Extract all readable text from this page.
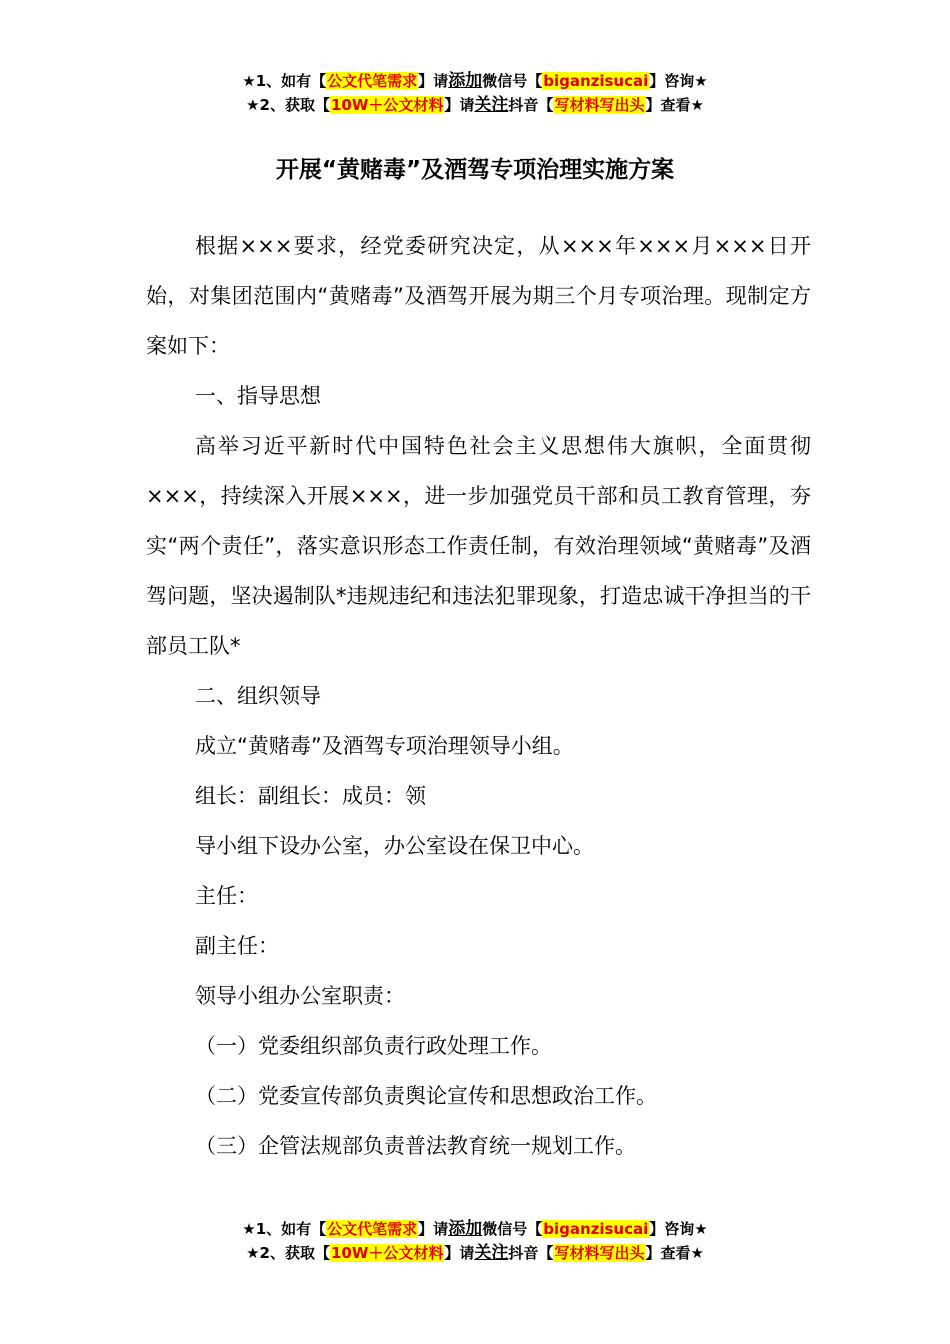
★1、如有【公文代笔需求】请添加微信号【biganzisucai】咨询★
★2、获取【10W＋公文材料】请关注抖音【写材料写出头】查看★
开展“黄赌毒”及酒驾专项治理实施方案

根据×××要求，经党委研究决定，从×××年×××月×××日开始，对集团范围内“黄赌毒”及酒驾开展为期三个月专项治理。现制定方案如下：

一、指导思想

高举习近平新时代中国特色社会主义思想伟大旗帜，全面贯彻×××，持续深入开展×××，进一步加强党员干部和员工教育管理，夯实“两个责任”，落实意识形态工作责任制，有效治理领域“黄赌毒”及酒驾问题，坚决遏制队*违规违纪和违法犯罪现象，打造忠诚干净担当的干部员工队*

二、组织领导

成立“黄赌毒”及酒驾专项治理领导小组。

组长：副组长：成员：领

导小组下设办公室，办公室设在保卫中心。

主任：

副主任：

领导小组办公室职责：

（一）党委组织部负责行政处理工作。

（二）党委宣传部负责舆论宣传和思想政治工作。

（三）企管法规部负责普法教育统一规划工作。

★1、如有【公文代笔需求】请添加微信号【biganzisucai】咨询★
★2、获取【10W＋公文材料】请关注抖音【写材料写出头】查看★
